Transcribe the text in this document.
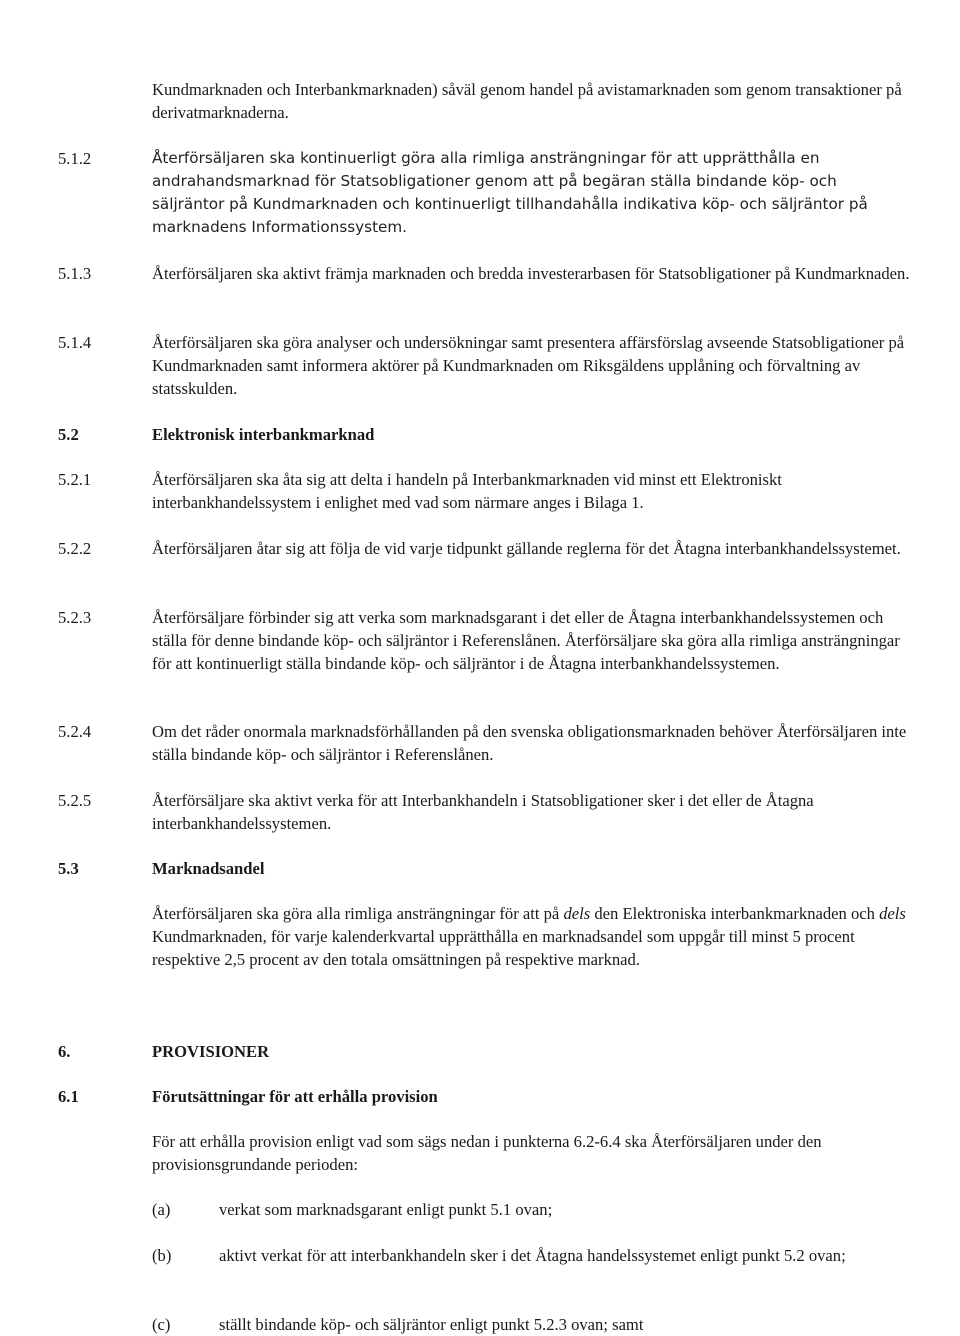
Kundmarknaden och Interbankmarknaden) såväl genom handel på avistamarknaden som genom transaktioner på derivatmarknaderna.

5.1.2	Återförsäljaren ska kontinuerligt göra alla rimliga ansträngningar för att upprätthålla en andrahandsmarknad för Statsobligationer genom att på begäran ställa bindande köp- och säljräntor på Kundmarknaden och kontinuerligt tillhandahålla indikativa köp- och säljräntor på marknadens Informationssystem.

5.1.3	Återförsäljaren ska aktivt främja marknaden och bredda investerarbasen för Statsobligationer på Kundmarknaden.

5.1.4	Återförsäljaren ska göra analyser och undersökningar samt presentera affärsförslag avseende Statsobligationer på Kundmarknaden samt informera aktörer på Kundmarknaden om Riksgäldens upplåning och förvaltning av statsskulden.

5.2	Elektronisk interbankmarknad
5.2.1	Återförsäljaren ska åta sig att delta i handeln på Interbankmarknaden vid minst ett Elektroniskt interbankhandelssystem i enlighet med vad som närmare anges i Bilaga 1.

5.2.2	Återförsäljaren åtar sig att följa de vid varje tidpunkt gällande reglerna för det Åtagna interbankhandelssystemet.

5.2.3	Återförsäljare förbinder sig att verka som marknadsgarant i det eller de Åtagna interbankhandelssystemen och ställa för denne bindande köp- och säljräntor i Referenslånen. Återförsäljare ska göra alla rimliga ansträngningar för att kontinuerligt ställa bindande köp- och säljräntor i de Åtagna interbankhandelssystemen.

5.2.4	Om det råder onormala marknadsförhållanden på den svenska obligationsmarknaden behöver Återförsäljaren inte ställa bindande köp- och säljräntor i Referenslånen.

5.2.5	Återförsäljare ska aktivt verka för att Interbankhandeln i Statsobligationer sker i det eller de Åtagna interbankhandelssystemen.

5.3	Marknadsandel

Återförsäljaren ska göra alla rimliga ansträngningar för att på dels den Elektroniska interbankmarknaden och dels Kundmarknaden, för varje kalenderkvartal upprätthålla en marknadsandel som uppgår till minst 5 procent respektive 2,5 procent av den totala omsättningen på respektive marknad.

6.	PROVISIONER
6.1	Förutsättningar för att erhålla provision

För att erhålla provision enligt vad som sägs nedan i punkterna 6.2-6.4 ska Återförsäljaren under den provisionsgrundande perioden:

(a)	verkat som marknadsgarant enligt punkt 5.1 ovan;

(b)	aktivt verkat för att interbankhandeln sker i det Åtagna handelssystemet enligt punkt 5.2 ovan;

(c)	ställt bindande köp- och säljräntor enligt punkt 5.2.3 ovan; samt
